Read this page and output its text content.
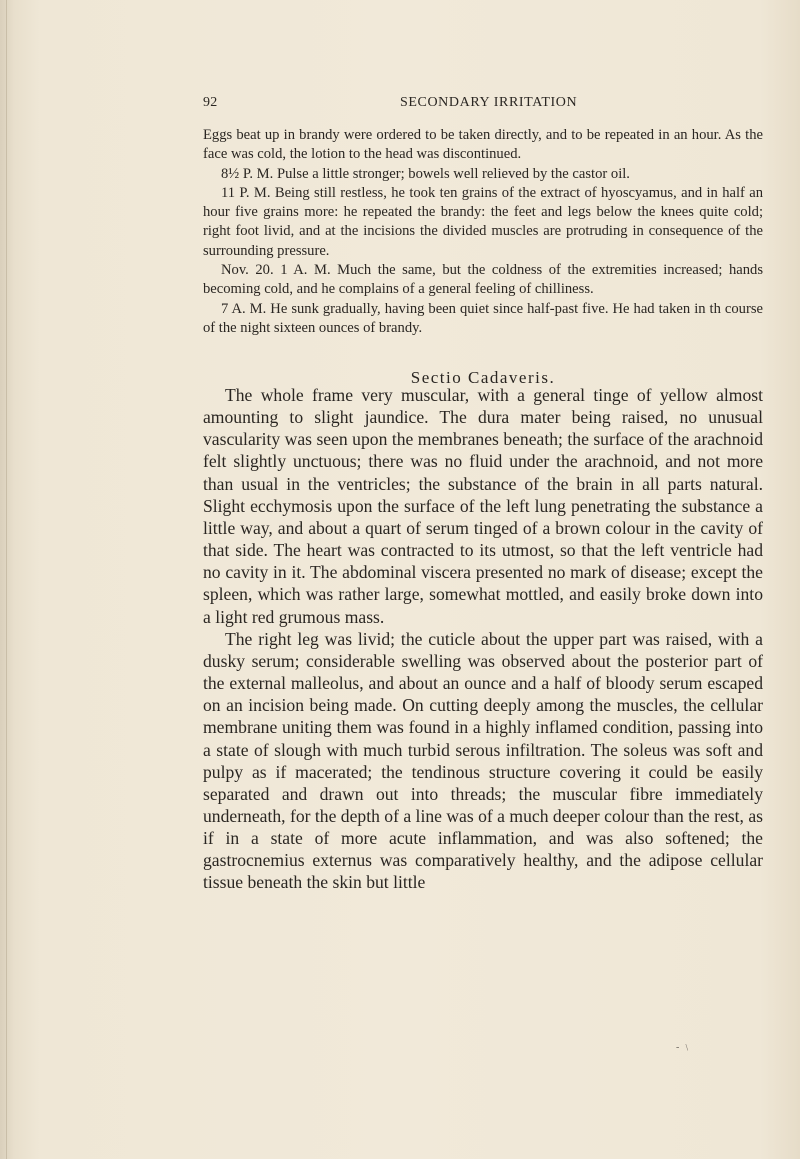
92	SECONDARY IRRITATION

Eggs beat up in brandy were ordered to be taken directly, and to be repeated in an hour. As the face was cold, the lotion to the head was discontinued.

8½ P. M. Pulse a little stronger; bowels well relieved by the castor oil.

11 P. M. Being still restless, he took ten grains of the extract of hyoscyamus, and in half an hour five grains more: he repeated the brandy: the feet and legs below the knees quite cold; right foot livid, and at the incisions the divided muscles are protruding in consequence of the surrounding pressure.

Nov. 20. 1 A. M. Much the same, but the coldness of the extremities increased; hands becoming cold, and he complains of a general feeling of chilliness.

7 A. M. He sunk gradually, having been quiet since half-past five. He had taken in th course of the night sixteen ounces of brandy.

Sectio Cadaveris.

The whole frame very muscular, with a general tinge of yellow almost amounting to slight jaundice. The dura mater being raised, no unusual vascularity was seen upon the membranes beneath; the surface of the arachnoid felt slightly unctuous; there was no fluid under the arachnoid, and not more than usual in the ventricles; the substance of the brain in all parts natural. Slight ecchymosis upon the surface of the left lung penetrating the substance a little way, and about a quart of serum tinged of a brown colour in the cavity of that side. The heart was contracted to its utmost, so that the left ventricle had no cavity in it. The abdominal viscera presented no mark of disease; except the spleen, which was rather large, somewhat mottled, and easily broke down into a light red grumous mass.

The right leg was livid; the cuticle about the upper part was raised, with a dusky serum; considerable swelling was observed about the posterior part of the external malleolus, and about an ounce and a half of bloody serum escaped on an incision being made. On cutting deeply among the muscles, the cellular membrane uniting them was found in a highly inflamed condition, passing into a state of slough with much turbid serous infiltration. The soleus was soft and pulpy as if macerated; the tendinous structure covering it could be easily separated and drawn out into threads; the muscular fibre immediately underneath, for the depth of a line was of a much deeper colour than the rest, as if in a state of more acute inflammation, and was also softened; the gastrocnemius externus was comparatively healthy, and the adipose cellular tissue beneath the skin but little

- ﹨
